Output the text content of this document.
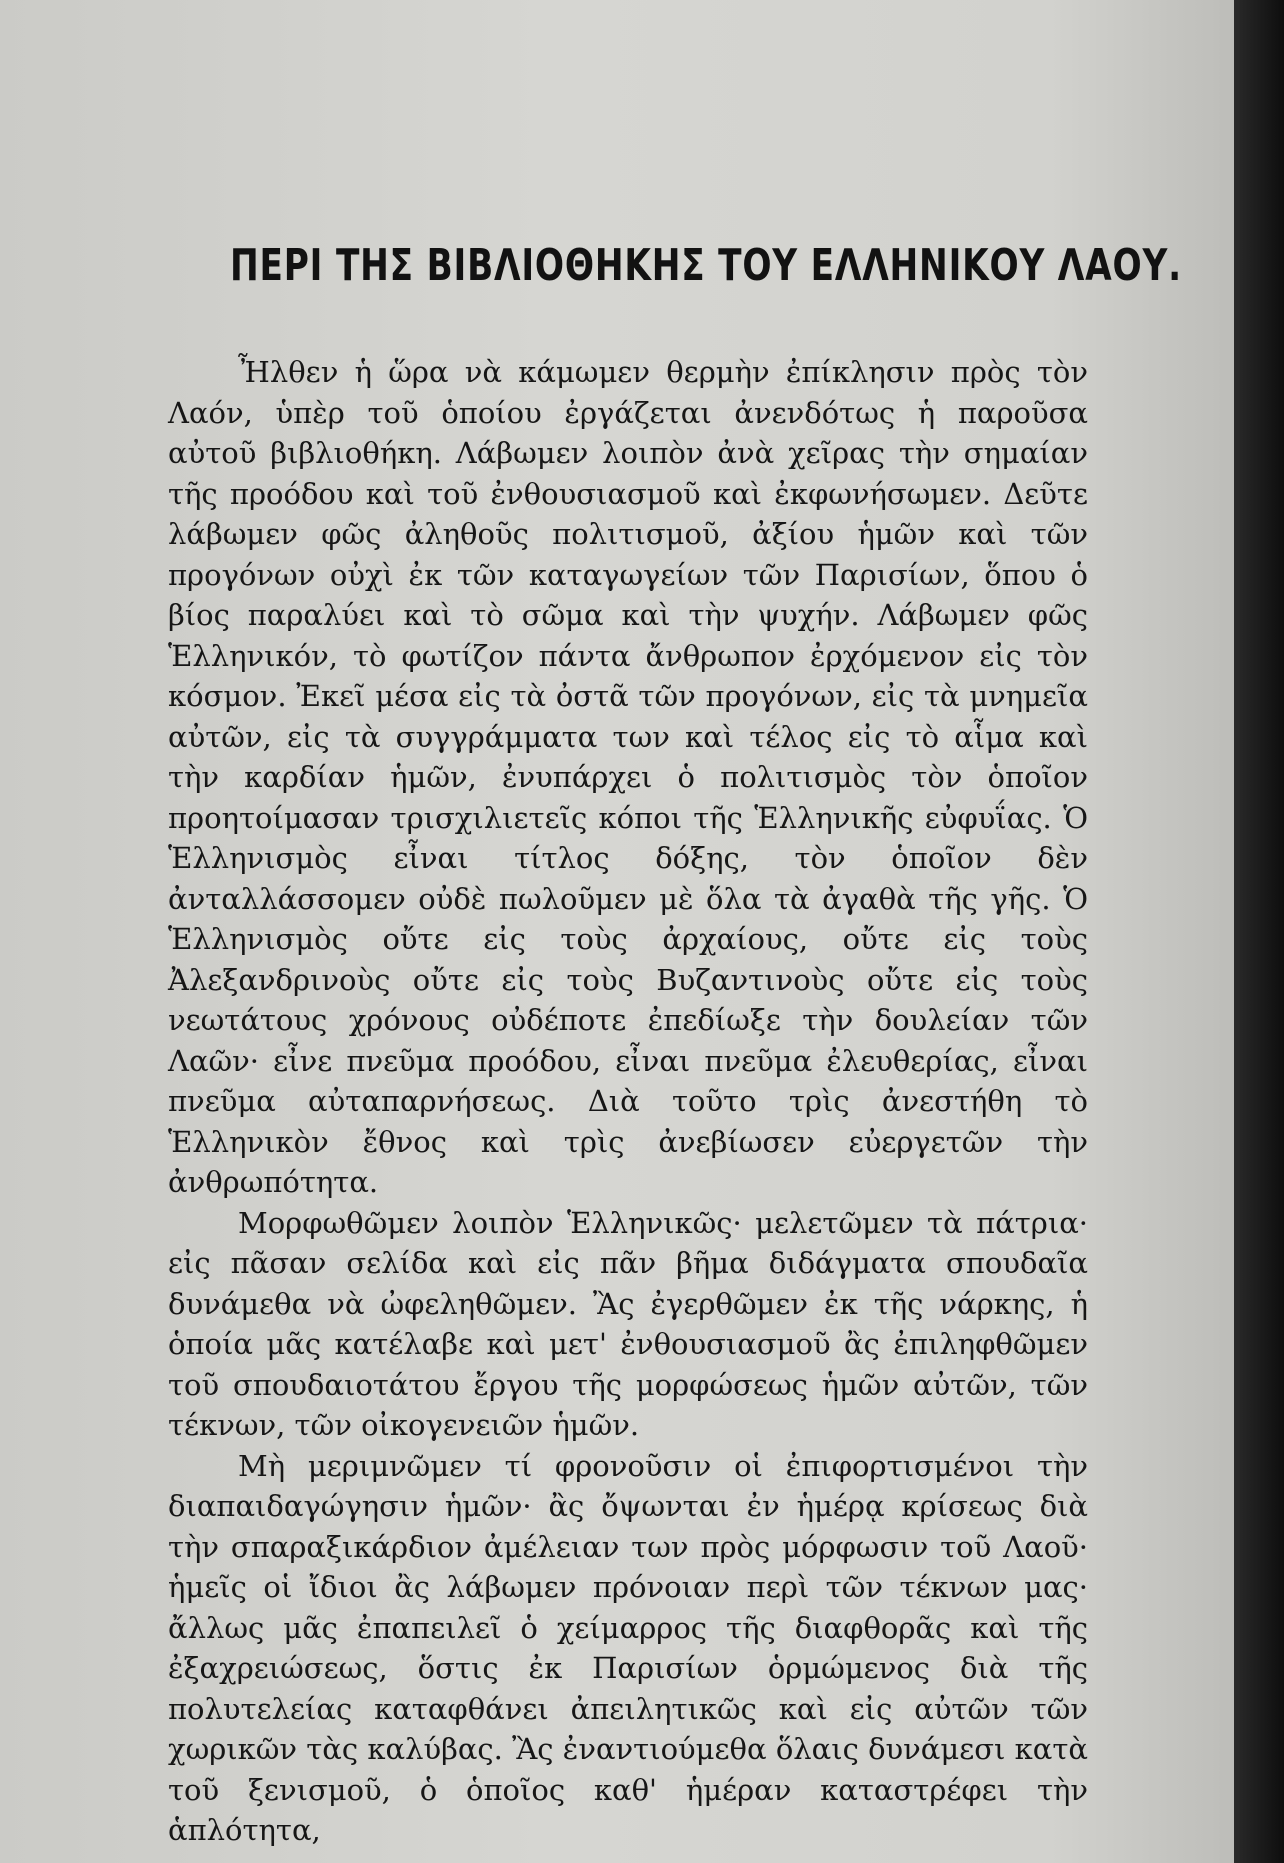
ΠΕΡΙ ΤΗΣ ΒΙΒΛΙΟΘΗΚΗΣ ΤΟΥ ΕΛΛΗΝΙΚΟΥ ΛΑΟΥ.

Ἦλθεν ἡ ὥρα νὰ κάμωμεν θερμὴν ἐπίκλησιν πρὸς τὸν Λαόν, ὑπὲρ τοῦ ὁποίου ἐργάζεται ἀνενδότως ἡ παροῦσα αὐτοῦ βιβλιοθήκη. Λάβωμεν λοιπὸν ἀνὰ χεῖρας τὴν σημαίαν τῆς προόδου καὶ τοῦ ἐνθουσιασμοῦ καὶ ἐκφωνήσωμεν. Δεῦτε λάβωμεν φῶς ἀληθοῦς πολιτισμοῦ, ἀξίου ἡμῶν καὶ τῶν προγόνων οὐχὶ ἐκ τῶν καταγωγείων τῶν Παρισίων, ὅπου ὁ βίος παραλύει καὶ τὸ σῶμα καὶ τὴν ψυχήν. Λάβωμεν φῶς Ἑλληνικόν, τὸ φωτίζον πάντα ἄνθρωπον ἐρχόμενον εἰς τὸν κόσμον. Ἐκεῖ μέσα εἰς τὰ ὀστᾶ τῶν προγόνων, εἰς τὰ μνημεῖα αὐτῶν, εἰς τὰ συγγράμματα των καὶ τέλος εἰς τὸ αἷμα καὶ τὴν καρδίαν ἡμῶν, ἐνυπάρχει ὁ πολιτισμὸς τὸν ὁποῖον προητοίμασαν τρισχιλιετεῖς κόποι τῆς Ἑλληνικῆς εὐφυΐας. Ὁ Ἑλληνισμὸς εἶναι τίτλος δόξης, τὸν ὁποῖον δὲν ἀνταλλάσσομεν οὐδὲ πωλοῦμεν μὲ ὅλα τὰ ἀγαθὰ τῆς γῆς. Ὁ Ἑλληνισμὸς οὔτε εἰς τοὺς ἀρχαίους, οὔτε εἰς τοὺς Ἀλεξανδρινοὺς οὔτε εἰς τοὺς Βυζαντινοὺς οὔτε εἰς τοὺς νεωτάτους χρόνους οὐδέποτε ἐπεδίωξε τὴν δουλείαν τῶν Λαῶν· εἶνε πνεῦμα προόδου, εἶναι πνεῦμα ἐλευθερίας, εἶναι πνεῦμα αὐταπαρνήσεως. Διὰ τοῦτο τρὶς ἀνεστήθη τὸ Ἑλληνικὸν ἔθνος καὶ τρὶς ἀνεβίωσεν εὐεργετῶν τὴν ἀνθρωπότητα.

Μορφωθῶμεν λοιπὸν Ἑλληνικῶς· μελετῶμεν τὰ πάτρια· εἰς πᾶσαν σελίδα καὶ εἰς πᾶν βῆμα διδάγματα σπουδαῖα δυνάμεθα νὰ ὠφεληθῶμεν. Ἂς ἐγερθῶμεν ἐκ τῆς νάρκης, ἡ ὁποία μᾶς κατέλαβε καὶ μετ' ἐνθουσιασμοῦ ἂς ἐπιληφθῶμεν τοῦ σπουδαιοτάτου ἔργου τῆς μορφώσεως ἡμῶν αὐτῶν, τῶν τέκνων, τῶν οἰκογενειῶν ἡμῶν.

Μὴ μεριμνῶμεν τί φρονοῦσιν οἱ ἐπιφορτισμένοι τὴν διαπαιδαγώγησιν ἡμῶν· ἂς ὄψωνται ἐν ἡμέρᾳ κρίσεως διὰ τὴν σπαραξικάρδιον ἀμέλειαν των πρὸς μόρφωσιν τοῦ Λαοῦ· ἡμεῖς οἱ ἴδιοι ἂς λάβωμεν πρόνοιαν περὶ τῶν τέκνων μας· ἄλλως μᾶς ἐπαπειλεῖ ὁ χείμαρρος τῆς διαφθορᾶς καὶ τῆς ἐξαχρειώσεως, ὅστις ἐκ Παρισίων ὁρμώμενος διὰ τῆς πολυτελείας καταφθάνει ἀπειλητικῶς καὶ εἰς αὐτῶν τῶν χωρικῶν τὰς καλύβας. Ἂς ἐναντιούμεθα ὅλαις δυνάμεσι κατὰ τοῦ ξενισμοῦ, ὁ ὁποῖος καθ' ἡμέραν καταστρέφει τὴν ἁπλότητα,
